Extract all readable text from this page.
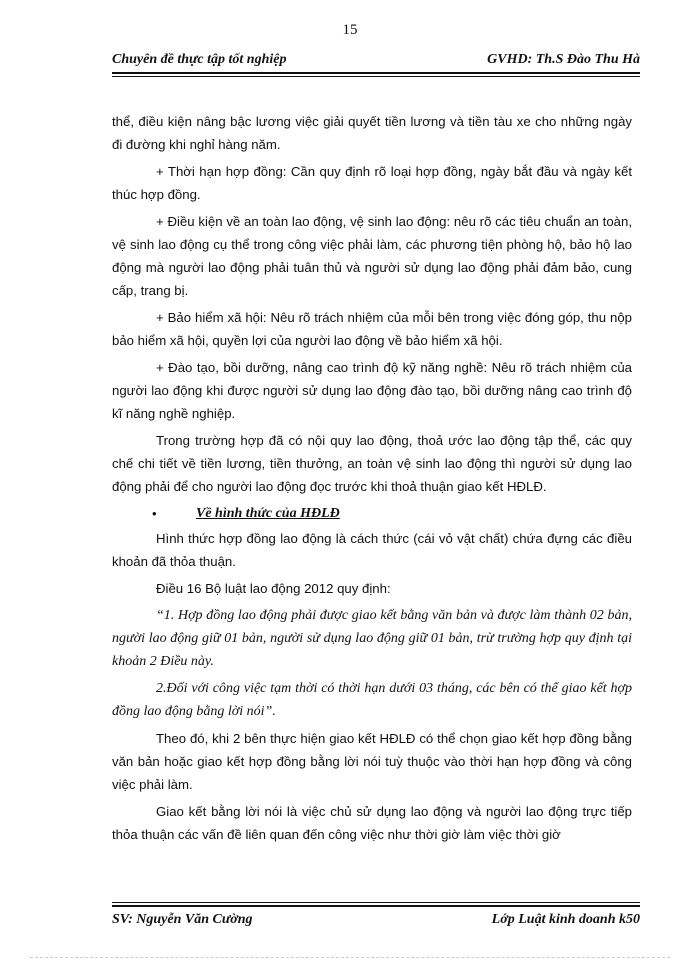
15
Chuyên đề thực tập tốt nghiệp	GVHD: Th.S Đào Thu Hà

thể, điều kiện nâng bậc lương việc giải quyết tiền lương và tiền tàu xe cho những ngày đi đường khi nghỉ hàng năm.

+ Thời hạn hợp đồng: Cần quy định rõ loại hợp đồng, ngày bắt đầu và ngày kết thúc hợp đồng.

+ Điều kiện về an toàn lao động, vệ sinh lao động: nêu rõ các tiêu chuẩn an toàn, vệ sinh lao động cụ thể trong công việc phải làm, các phương tiện phòng hộ, bảo hộ lao động mà người lao động phải tuân thủ và người sử dụng lao động phải đảm bảo, cung cấp, trang bị.

+ Bảo hiểm xã hội: Nêu rõ trách nhiệm của mỗi bên trong việc đóng góp, thu nộp bảo hiểm xã hội, quyền lợi của người lao động về bảo hiểm xã hội.

+ Đào tạo, bồi dưỡng, nâng cao trình độ kỹ năng nghề: Nêu rõ trách nhiệm của người lao động khi được người sử dụng lao động đào tạo, bồi dưỡng nâng cao trình độ kĩ năng nghề nghiệp.

Trong trường hợp đã có nội quy lao động, thoả ước lao động tập thể, các quy chế chi tiết về tiền lương, tiền thưởng, an toàn vệ sinh lao động thì người sử dụng lao động phải để cho người lao động đọc trước khi thoả thuận giao kết HĐLĐ.

•	Về hình thức của HĐLĐ

Hình thức hợp đồng lao động là cách thức (cái vỏ vật chất) chứa đựng các điều khoản đã thỏa thuận.

Điều 16 Bộ luật lao động 2012 quy định:

“1. Hợp đồng lao động phải được giao kết bằng văn bản và được làm thành 02 bản, người lao động giữ 01 bản, người sử dụng lao động giữ 01 bản, trừ trường hợp quy định tại khoản 2 Điều này.

2.Đối với công việc tạm thời có thời hạn dưới 03 tháng, các bên có thể giao kết hợp đồng lao động bằng lời nói”.

Theo đó, khi 2 bên thực hiện giao kết HĐLĐ có thể chọn giao kết hợp đồng bằng văn bản hoặc giao kết hợp đồng bằng lời nói tuỳ thuộc vào thời hạn hợp đồng và công việc phải làm.

Giao kết bằng lời nói là việc chủ sử dụng lao động và người lao động trực tiếp thỏa thuận các vấn đề liên quan đến công việc như thời giờ làm việc thời giờ

SV: Nguyễn Văn Cường	Lớp Luật kinh doanh k50
